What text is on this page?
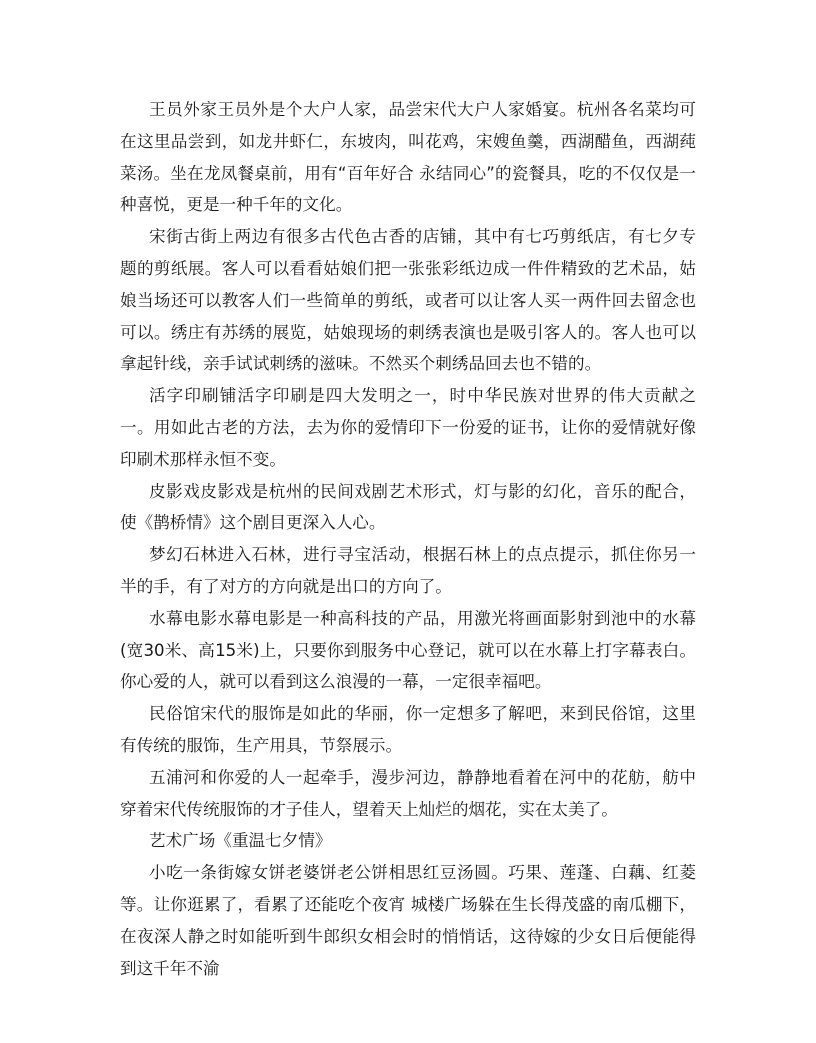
王员外家王员外是个大户人家，品尝宋代大户人家婚宴。杭州各名菜均可在这里品尝到，如龙井虾仁，东坡肉，叫花鸡，宋嫂鱼羹，西湖醋鱼，西湖莼菜汤。坐在龙凤餐桌前，用有“百年好合 永结同心”的瓷餐具，吃的不仅仅是一种喜悦，更是一种千年的文化。

宋街古街上两边有很多古代色古香的店铺，其中有七巧剪纸店，有七夕专题的剪纸展。客人可以看看姑娘们把一张张彩纸边成一件件精致的艺术品，姑娘当场还可以教客人们一些简单的剪纸，或者可以让客人买一两件回去留念也可以。绣庄有苏绣的展览，姑娘现场的刺绣表演也是吸引客人的。客人也可以拿起针线，亲手试试刺绣的滋味。不然买个刺绣品回去也不错的。

活字印刷铺活字印刷是四大发明之一，时中华民族对世界的伟大贡献之一。用如此古老的方法，去为你的爱情印下一份爱的证书，让你的爱情就好像印刷术那样永恒不变。

皮影戏皮影戏是杭州的民间戏剧艺术形式，灯与影的幻化，音乐的配合，使《鹊桥情》这个剧目更深入人心。

梦幻石林进入石林，进行寻宝活动，根据石林上的点点提示，抓住你另一半的手，有了对方的方向就是出口的方向了。

水幕电影水幕电影是一种高科技的产品，用激光将画面影射到池中的水幕(宽30米、高15米)上，只要你到服务中心登记，就可以在水幕上打字幕表白。你心爱的人，就可以看到这么浪漫的一幕，一定很幸福吧。

民俗馆宋代的服饰是如此的华丽，你一定想多了解吧，来到民俗馆，这里有传统的服饰，生产用具，节祭展示。

五浦河和你爱的人一起牵手，漫步河边，静静地看着在河中的花舫，舫中穿着宋代传统服饰的才子佳人，望着天上灿烂的烟花，实在太美了。

艺术广场《重温七夕情》

小吃一条街嫁女饼老婆饼老公饼相思红豆汤圆。巧果、莲蓬、白藕、红菱等。让你逛累了，看累了还能吃个夜宵 城楼广场躲在生长得茂盛的南瓜棚下，在夜深人静之时如能听到牛郎织女相会时的悄悄话，这待嫁的少女日后便能得到这千年不渝
